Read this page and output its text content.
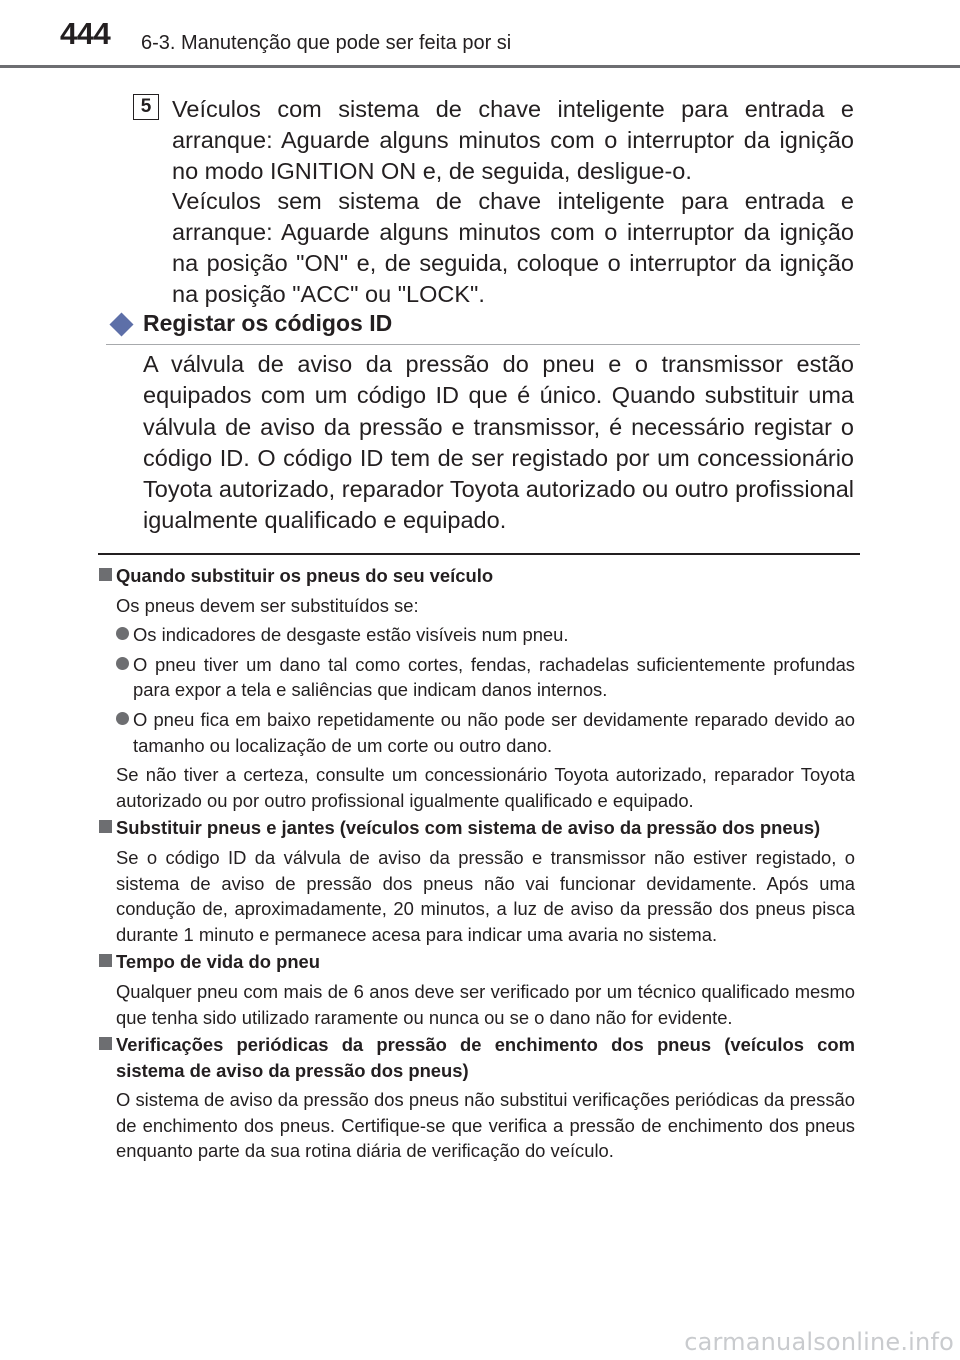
444 6-3. Manutenção que pode ser feita por si
5 Veículos com sistema de chave inteligente para entrada e arranque: Aguarde alguns minutos com o interruptor da ignição no modo IGNITION ON e, de seguida, desligue-o.

Veículos sem sistema de chave inteligente para entrada e arranque: Aguarde alguns minutos com o interruptor da ignição na posição "ON" e, de seguida, coloque o interruptor da ignição na posição "ACC" ou "LOCK".

Registar os códigos ID

A válvula de aviso da pressão do pneu e o transmissor estão equipados com um código ID que é único. Quando substituir uma válvula de aviso da pressão e transmissor, é necessário registar o código ID. O código ID tem de ser registado por um concessionário Toyota autorizado, reparador Toyota autorizado ou outro profissional igualmente qualificado e equipado.

Quando substituir os pneus do seu veículo

Os pneus devem ser substituídos se:

Os indicadores de desgaste estão visíveis num pneu.

O pneu tiver um dano tal como cortes, fendas, rachadelas suficientemente profundas para expor a tela e saliências que indicam danos internos.

O pneu fica em baixo repetidamente ou não pode ser devidamente reparado devido ao tamanho ou localização de um corte ou outro dano.

Se não tiver a certeza, consulte um concessionário Toyota autorizado, reparador Toyota autorizado ou por outro profissional igualmente qualificado e equipado.

Substituir pneus e jantes (veículos com sistema de aviso da pressão dos pneus)

Se o código ID da válvula de aviso da pressão e transmissor não estiver registado, o sistema de aviso de pressão dos pneus não vai funcionar devidamente. Após uma condução de, aproximadamente, 20 minutos, a luz de aviso da pressão dos pneus pisca durante 1 minuto e permanece acesa para indicar uma avaria no sistema.

Tempo de vida do pneu

Qualquer pneu com mais de 6 anos deve ser verificado por um técnico qualificado mesmo que tenha sido utilizado raramente ou nunca ou se o dano não for evidente.

Verificações periódicas da pressão de enchimento dos pneus (veículos com sistema de aviso da pressão dos pneus)

O sistema de aviso da pressão dos pneus não substitui verificações periódicas da pressão de enchimento dos pneus. Certifique-se que verifica a pressão de enchimento dos pneus enquanto parte da sua rotina diária de verificação do veículo.

carmanualsonline.info
